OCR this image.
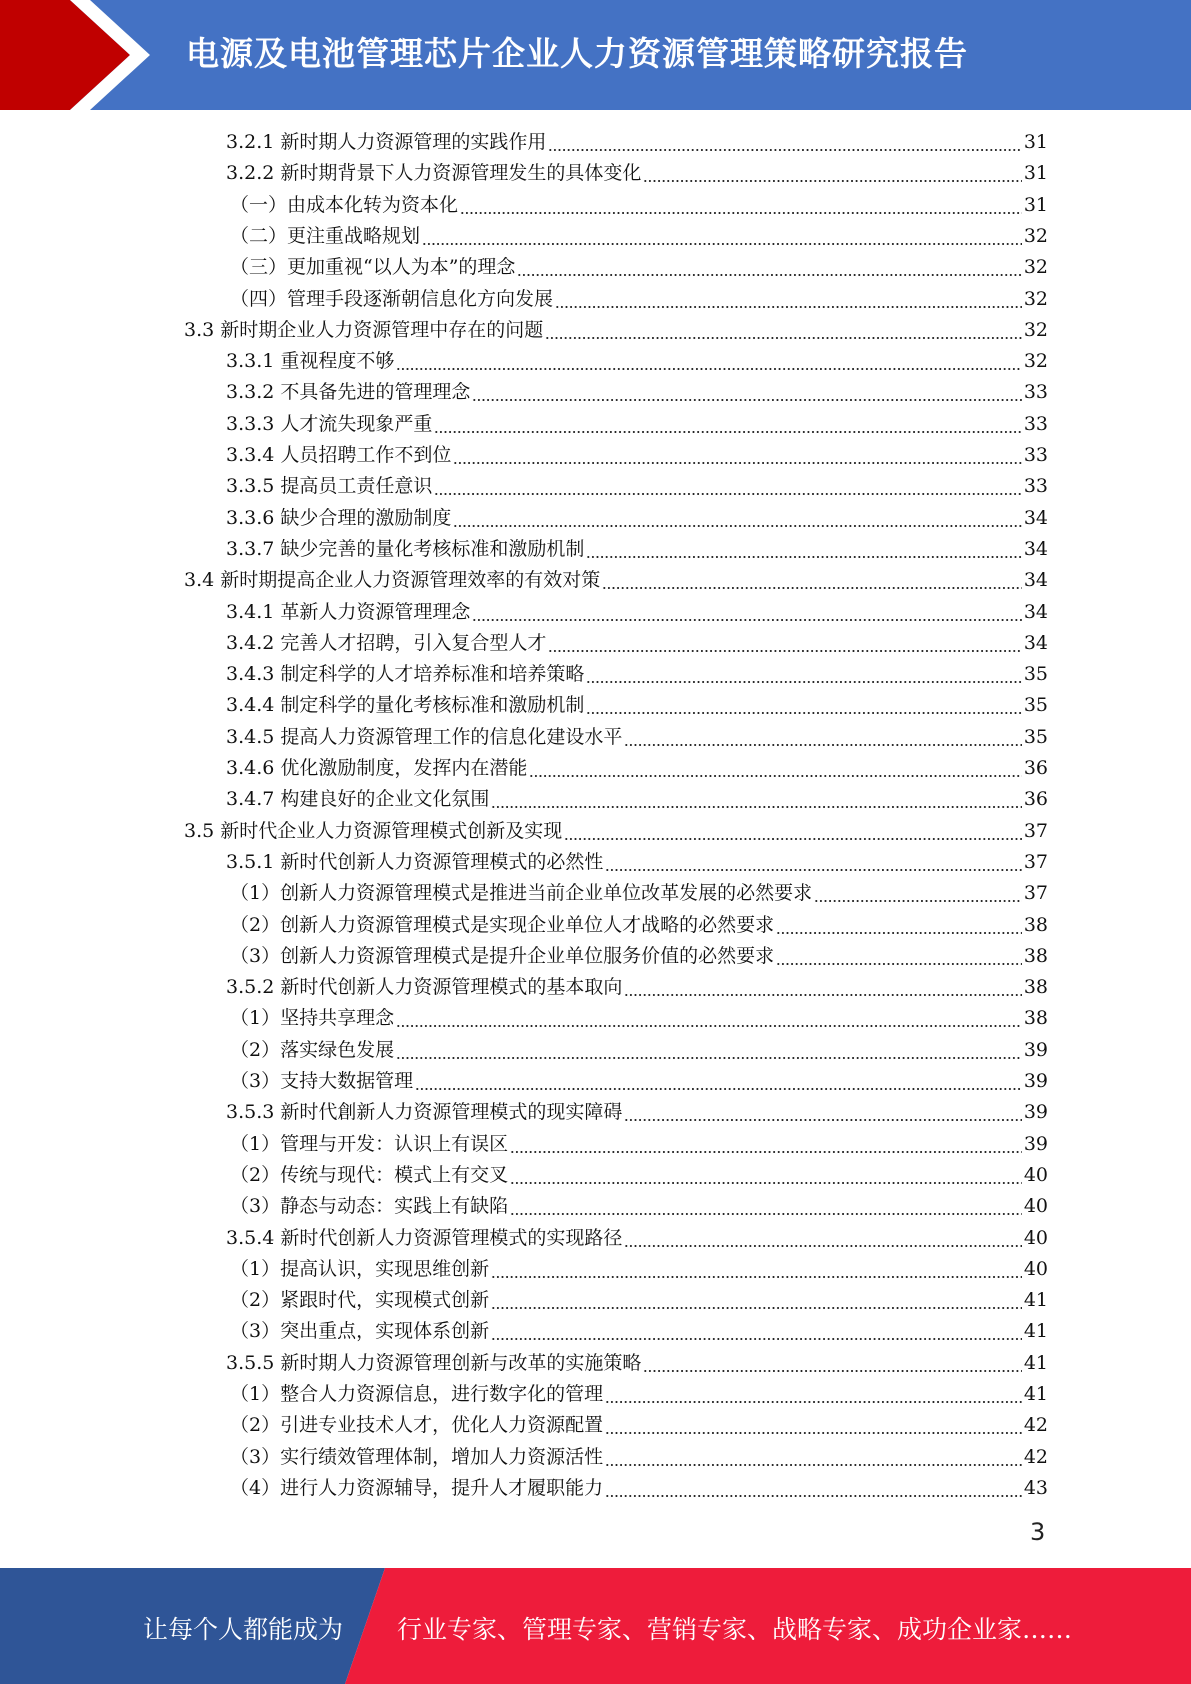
电源及电池管理芯片企业人力资源管理策略研究报告
3.2.1 新时期人力资源管理的实践作用	31
3.2.2 新时期背景下人力资源管理发生的具体变化	31
（一）由成本化转为资本化	31
（二）更注重战略规划	32
（三）更加重视“以人为本”的理念	32
（四）管理手段逐渐朝信息化方向发展	32
3.3 新时期企业人力资源管理中存在的问题	32
3.3.1 重视程度不够	32
3.3.2 不具备先进的管理理念	33
3.3.3 人才流失现象严重	33
3.3.4 人员招聘工作不到位	33
3.3.5 提高员工责任意识	33
3.3.6 缺少合理的激励制度	34
3.3.7 缺少完善的量化考核标准和激励机制	34
3.4 新时期提高企业人力资源管理效率的有效对策	34
3.4.1 革新人力资源管理理念	34
3.4.2 完善人才招聘，引入复合型人才	34
3.4.3 制定科学的人才培养标准和培养策略	35
3.4.4 制定科学的量化考核标准和激励机制	35
3.4.5 提高人力资源管理工作的信息化建设水平	35
3.4.6 优化激励制度，发挥内在潜能	36
3.4.7 构建良好的企业文化氛围	36
3.5 新时代企业人力资源管理模式创新及实现	37
3.5.1 新时代创新人力资源管理模式的必然性	37
（1）创新人力资源管理模式是推进当前企业单位改革发展的必然要求	37
（2）创新人力资源管理模式是实现企业单位人才战略的必然要求	38
（3）创新人力资源管理模式是提升企业单位服务价值的必然要求	38
3.5.2 新时代创新人力资源管理模式的基本取向	38
（1）坚持共享理念	38
（2）落实绿色发展	39
（3）支持大数据管理	39
3.5.3 新时代創新人力资源管理模式的现实障碍	39
（1）管理与开发：认识上有误区	39
（2）传统与现代：模式上有交叉	40
（3）静态与动态：实践上有缺陷	40
3.5.4 新时代创新人力资源管理模式的实现路径	40
（1）提高认识，实现思维创新	40
（2）紧跟时代，实现模式创新	41
（3）突出重点，实现体系创新	41
3.5.5 新时期人力资源管理创新与改革的实施策略	41
（1）整合人力资源信息，进行数字化的管理	41
（2）引进专业技术人才，优化人力资源配置	42
（3）实行绩效管理体制，增加人力资源活性	42
（4）进行人力资源辅导，提升人才履职能力	43
3
让每个人都能成为 行业专家、管理专家、营销专家、战略专家、成功企业家……
